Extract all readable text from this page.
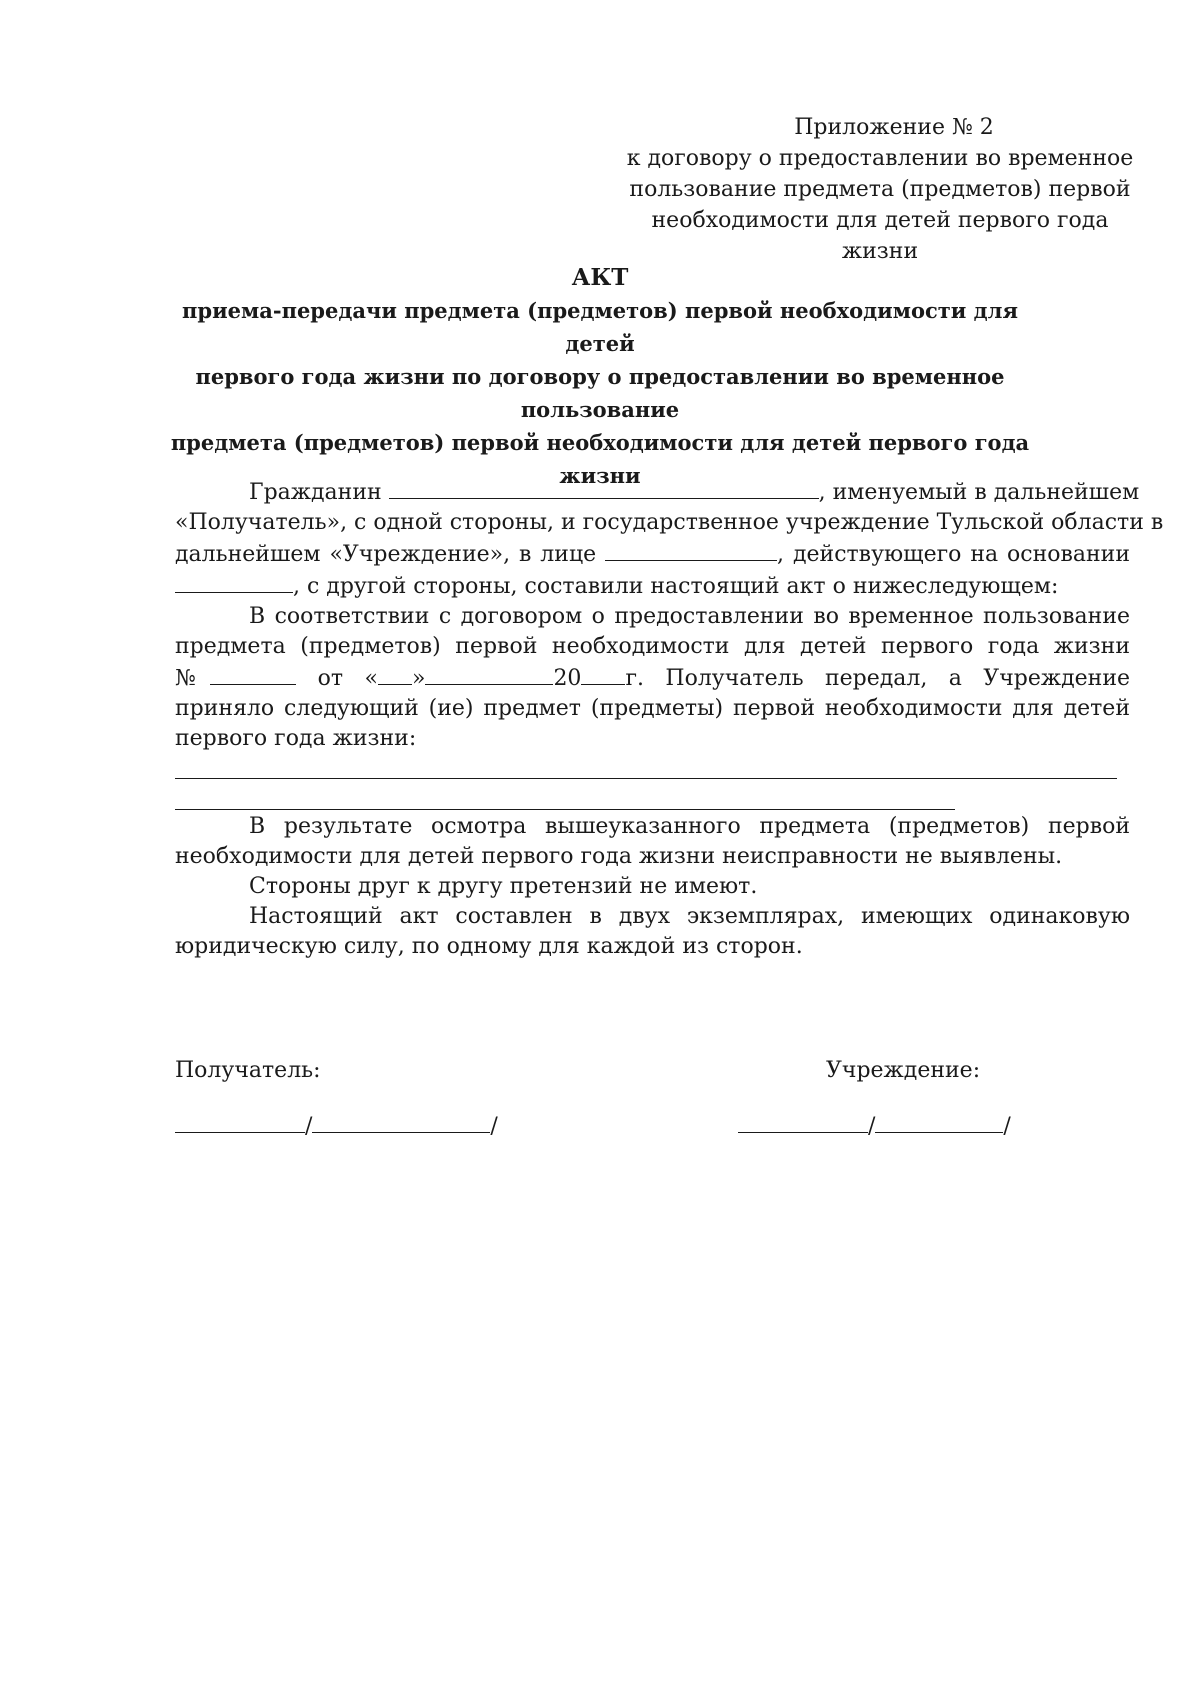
Приложение № 2
к договору о предоставлении во временное
пользование предмета (предметов) первой
необходимости для детей первого года жизни
АКТ
приема-передачи предмета (предметов) первой необходимости для детей
первого года жизни по договору о предоставлении во временное пользование
предмета (предметов) первой необходимости для детей первого года жизни
Гражданин	, именуемый в дальнейшем
«Получатель», с одной стороны, и государственное учреждение Тульской области в
дальнейшем «Учреждение», в лице	, действующего на основании
, с другой стороны, составили настоящий акт о нижеследующем:
В соответствии с договором о предоставлении во временное пользование
предмета (предметов) первой необходимости для детей первого года жизни
№	от « »	20 г. Получатель передал, а Учреждение
приняло следующий (ие) предмет (предметы) первой необходимости для детей
первого года жизни:
В результате осмотра вышеуказанного предмета (предметов) первой
необходимости для детей первого года жизни неисправности не выявлены.
Стороны друг к другу претензий не имеют.
Настоящий акт составлен в двух экземплярах, имеющих одинаковую
юридическую силу, по одному для каждой из сторон.
Получатель:	Учреждение:
/	/	/	/
